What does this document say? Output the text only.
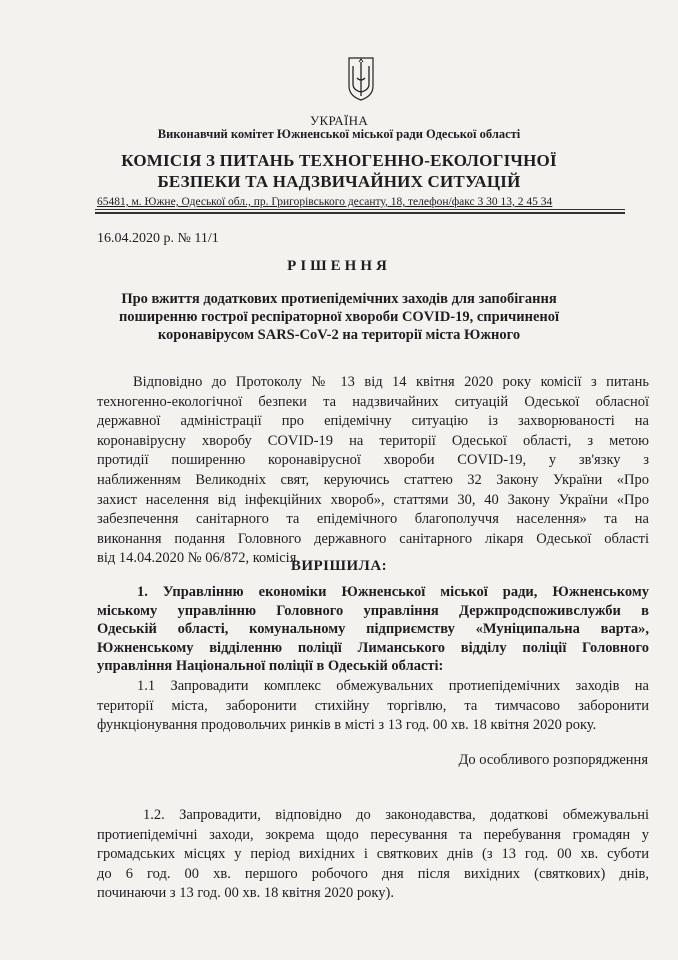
УКРАЇНА
Виконавчий комітет Южненської міської ради Одеської області
КОМІСІЯ З ПИТАНЬ ТЕХНОГЕННО-ЕКОЛОГІЧНОЇ
БЕЗПЕКИ ТА НАДЗВИЧАЙНИХ СИТУАЦІЙ
65481, м. Южне, Одеської обл., пр. Григорівського десанту, 18, телефон/факс 3 30 13, 2 45 34
16.04.2020 р. № 11/1
РІШЕННЯ
Про вжиття додаткових протиепідемічних заходів для запобігання
поширенню гострої респіраторної хвороби COVID-19, спричиненої
коронавірусом SARS-CoV-2 на території міста Южного
Відповідно до Протоколу № 13 від 14 квітня 2020 року комісії з питань
техногенно-екологічної безпеки та надзвичайних ситуацій Одеської обласної
державної адміністрації про епідемічну ситуацію із захворюваності на
коронавірусну хворобу COVID-19 на території Одеської області, з метою
протидії поширенню коронавірусної хвороби COVID-19, у зв'язку з
наближенням Великодніх свят, керуючись статтею 32 Закону України «Про
захист населення від інфекційних хвороб», статтями 30, 40 Закону України «Про
забезпечення санітарного та епідемічного благополуччя населення» та на
виконання подання Головного державного санітарного лікаря Одеської області
від 14.04.2020 № 06/872, комісія
ВИРІШИЛА:
1. Управлінню економіки Южненської міської ради, Южненському
міському управлінню Головного управління Держпродспоживслужби в
Одеській області, комунальному підприємству «Муніципальна варта»,
Южненському відділенню поліції Лиманського відділу поліції Головного
управління Національної поліції в Одеській області:
1.1 Запровадити комплекс обмежувальних протиепідемічних заходів на
території міста, заборонити стихійну торгівлю, та тимчасово заборонити
функціонування продовольчих ринків в місті з 13 год. 00 хв. 18 квітня 2020 року.
До особливого розпорядження
1.2. Запровадити, відповідно до законодавства, додаткові обмежувальні
протиепідемічні заходи, зокрема щодо пересування та перебування громадян у
громадських місцях у період вихідних і святкових днів (з 13 год. 00 хв. суботи
до 6 год. 00 хв. першого робочого дня після вихідних (святкових) днів,
починаючи з 13 год. 00 хв. 18 квітня 2020 року).
